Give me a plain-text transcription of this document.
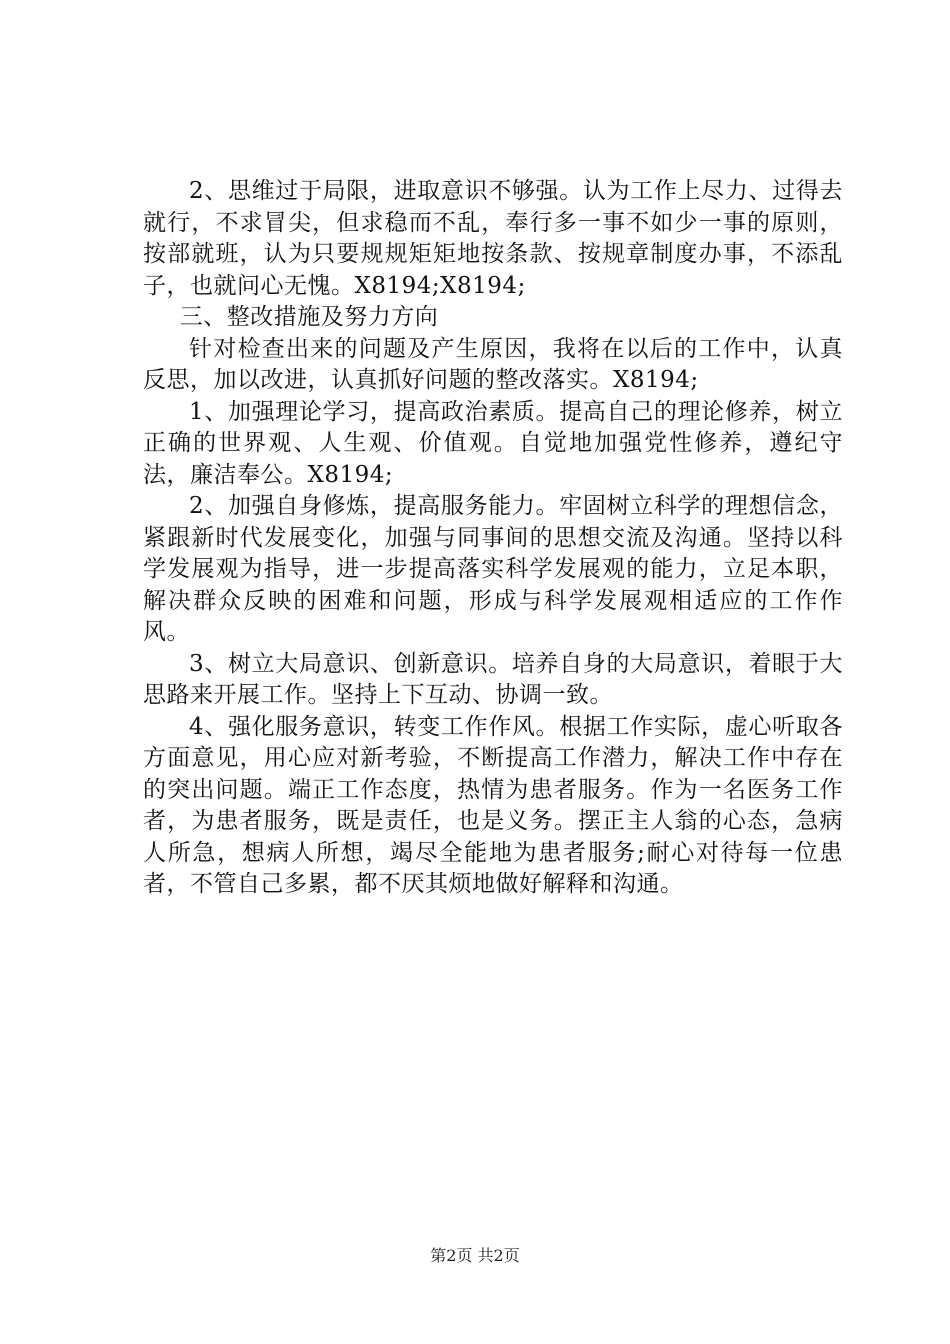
2、思维过于局限，进取意识不够强。认为工作上尽力、过得去就行，不求冒尖，但求稳而不乱，奉行多一事不如少一事的原则，按部就班，认为只要规规矩矩地按条款、按规章制度办事，不添乱子，也就问心无愧。X8194;X8194;

三、整改措施及努力方向

针对检查出来的问题及产生原因，我将在以后的工作中，认真反思，加以改进，认真抓好问题的整改落实。X8194;

1、加强理论学习，提高政治素质。提高自己的理论修养，树立正确的世界观、人生观、价值观。自觉地加强党性修养，遵纪守法，廉洁奉公。X8194;

2、加强自身修炼，提高服务能力。牢固树立科学的理想信念，紧跟新时代发展变化，加强与同事间的思想交流及沟通。坚持以科学发展观为指导，进一步提高落实科学发展观的能力，立足本职，解决群众反映的困难和问题，形成与科学发展观相适应的工作作风。

3、树立大局意识、创新意识。培养自身的大局意识，着眼于大思路来开展工作。坚持上下互动、协调一致。

4、强化服务意识，转变工作作风。根据工作实际，虚心听取各方面意见，用心应对新考验，不断提高工作潜力，解决工作中存在的突出问题。端正工作态度，热情为患者服务。作为一名医务工作者，为患者服务，既是责任，也是义务。摆正主人翁的心态，急病人所急，想病人所想，竭尽全能地为患者服务;耐心对待每一位患者，不管自己多累，都不厌其烦地做好解释和沟通。

第2页 共2页
